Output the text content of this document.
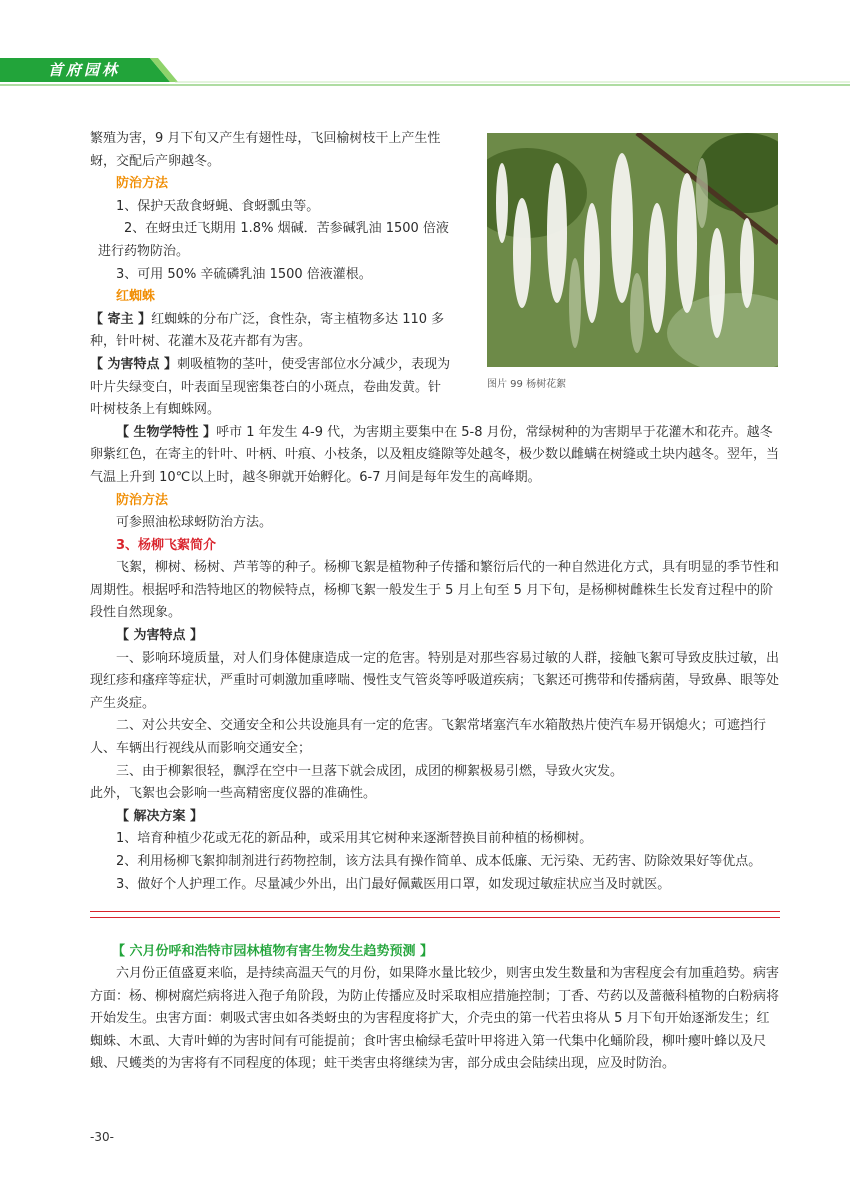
首府园林
图片 99 杨树花絮

繁殖为害，9 月下旬又产生有翅性母，飞回榆树枝干上产生性蚜，交配后产卵越冬。

防治方法

1、保护天敌食蚜蝇、食蚜瓢虫等。

2、在蚜虫迁飞期用 1.8% 烟碱．苦参碱乳油 1500 倍液进行药物防治。

3、可用 50% 辛硫磷乳油 1500 倍液灌根。

红蜘蛛

【 寄主 】红蜘蛛的分布广泛，食性杂，寄主植物多达 110 多种，针叶树、花灌木及花卉都有为害。

【 为害特点 】刺吸植物的茎叶，使受害部位水分减少，表现为叶片失绿变白，叶表面呈现密集苍白的小斑点，卷曲发黄。针叶树枝条上有蜘蛛网。

【 生物学特性 】呼市 1 年发生 4-9 代，为害期主要集中在 5-8 月份，常绿树种的为害期早于花灌木和花卉。越冬卵紫红色，在寄主的针叶、叶柄、叶痕、小枝条，以及粗皮缝隙等处越冬，极少数以雌螨在树缝或土块内越冬。翌年，当气温上升到 10℃以上时，越冬卵就开始孵化。6-7 月间是每年发生的高峰期。

防治方法

可参照油松球蚜防治方法。

3、杨柳飞絮简介

飞絮，柳树、杨树、芦苇等的种子。杨柳飞絮是植物种子传播和繁衍后代的一种自然进化方式，具有明显的季节性和周期性。根据呼和浩特地区的物候特点，杨柳飞絮一般发生于 5 月上旬至 5 月下旬，是杨柳树雌株生长发育过程中的阶段性自然现象。

【 为害特点 】

一、影响环境质量，对人们身体健康造成一定的危害。特别是对那些容易过敏的人群，接触飞絮可导致皮肤过敏，出现红疹和瘙痒等症状，严重时可刺激加重哮喘、慢性支气管炎等呼吸道疾病；飞絮还可携带和传播病菌，导致鼻、眼等处产生炎症。

二、对公共安全、交通安全和公共设施具有一定的危害。飞絮常堵塞汽车水箱散热片使汽车易开锅熄火；可遮挡行人、车辆出行视线从而影响交通安全；

三、由于柳絮很轻，飘浮在空中一旦落下就会成团，成团的柳絮极易引燃，导致火灾发。

此外，飞絮也会影响一些高精密度仪器的准确性。

【 解决方案 】

1、培育种植少花或无花的新品种，或采用其它树种来逐渐替换目前种植的杨柳树。

2、利用杨柳飞絮抑制剂进行药物控制，该方法具有操作简单、成本低廉、无污染、无药害、防除效果好等优点。

3、做好个人护理工作。尽量减少外出，出门最好佩戴医用口罩，如发现过敏症状应当及时就医。

【 六月份呼和浩特市园林植物有害生物发生趋势预测 】

六月份正值盛夏来临，是持续高温天气的月份，如果降水量比较少，则害虫发生数量和为害程度会有加重趋势。病害方面：杨、柳树腐烂病将进入孢子角阶段，为防止传播应及时采取相应措施控制；丁香、芍药以及蔷薇科植物的白粉病将开始发生。虫害方面：刺吸式害虫如各类蚜虫的为害程度将扩大，介壳虫的第一代若虫将从 5 月下旬开始逐渐发生；红蜘蛛、木虱、大青叶蝉的为害时间有可能提前；食叶害虫榆绿毛萤叶甲将进入第一代集中化蛹阶段，柳叶瘿叶蜂以及尺蛾、尺蠖类的为害将有不同程度的体现；蛀干类害虫将继续为害，部分成虫会陆续出现，应及时防治。

-30-
